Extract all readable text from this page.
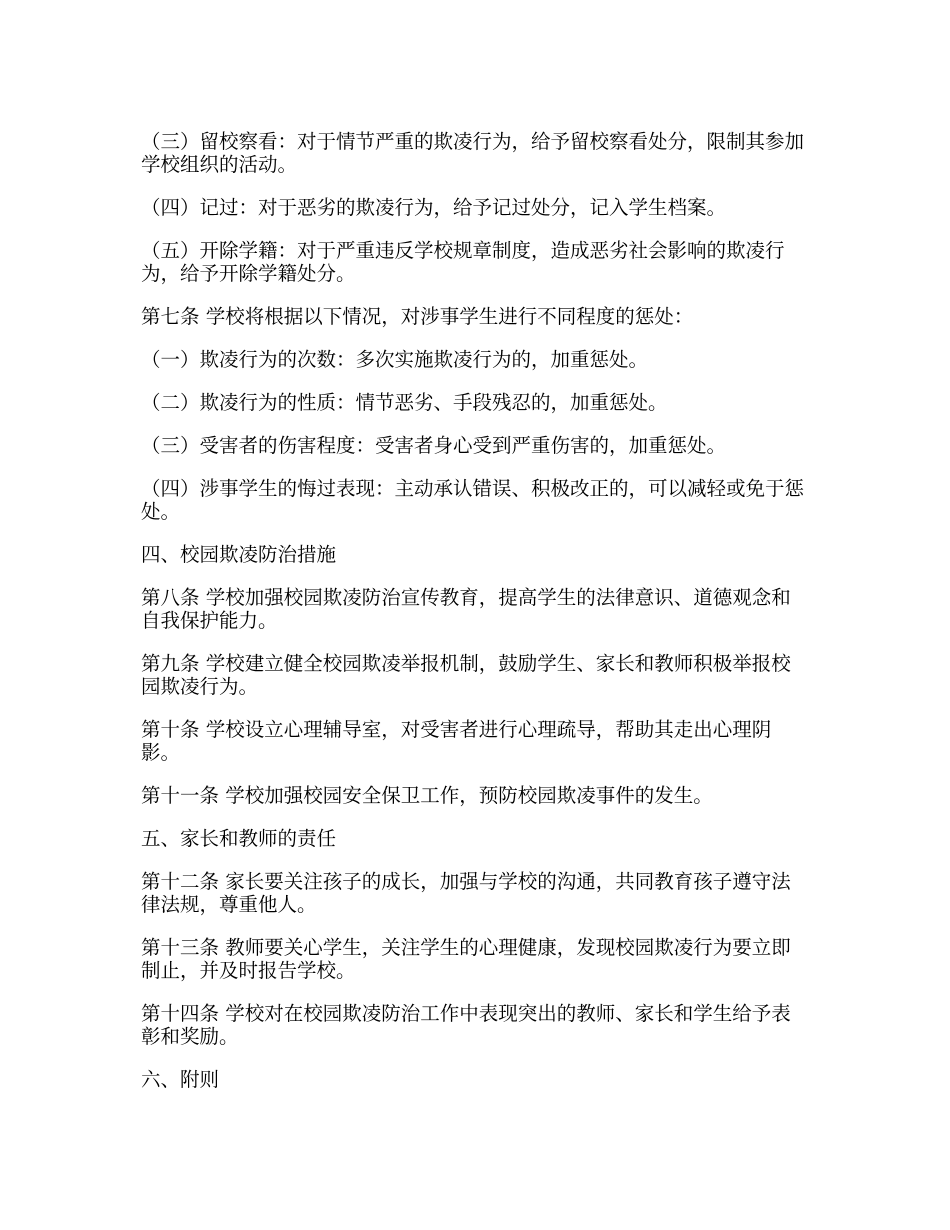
（三）留校察看：对于情节严重的欺凌行为，给予留校察看处分，限制其参加学校组织的活动。

（四）记过：对于恶劣的欺凌行为，给予记过处分，记入学生档案。

（五）开除学籍：对于严重违反学校规章制度，造成恶劣社会影响的欺凌行为，给予开除学籍处分。

第七条 学校将根据以下情况，对涉事学生进行不同程度的惩处：

（一）欺凌行为的次数：多次实施欺凌行为的，加重惩处。

（二）欺凌行为的性质：情节恶劣、手段残忍的，加重惩处。

（三）受害者的伤害程度：受害者身心受到严重伤害的，加重惩处。

（四）涉事学生的悔过表现：主动承认错误、积极改正的，可以减轻或免于惩处。

四、校园欺凌防治措施

第八条 学校加强校园欺凌防治宣传教育，提高学生的法律意识、道德观念和自我保护能力。

第九条 学校建立健全校园欺凌举报机制，鼓励学生、家长和教师积极举报校园欺凌行为。

第十条 学校设立心理辅导室，对受害者进行心理疏导，帮助其走出心理阴影。

第十一条 学校加强校园安全保卫工作，预防校园欺凌事件的发生。

五、家长和教师的责任

第十二条 家长要关注孩子的成长，加强与学校的沟通，共同教育孩子遵守法律法规，尊重他人。

第十三条 教师要关心学生，关注学生的心理健康，发现校园欺凌行为要立即制止，并及时报告学校。

第十四条 学校对在校园欺凌防治工作中表现突出的教师、家长和学生给予表彰和奖励。

六、附则
